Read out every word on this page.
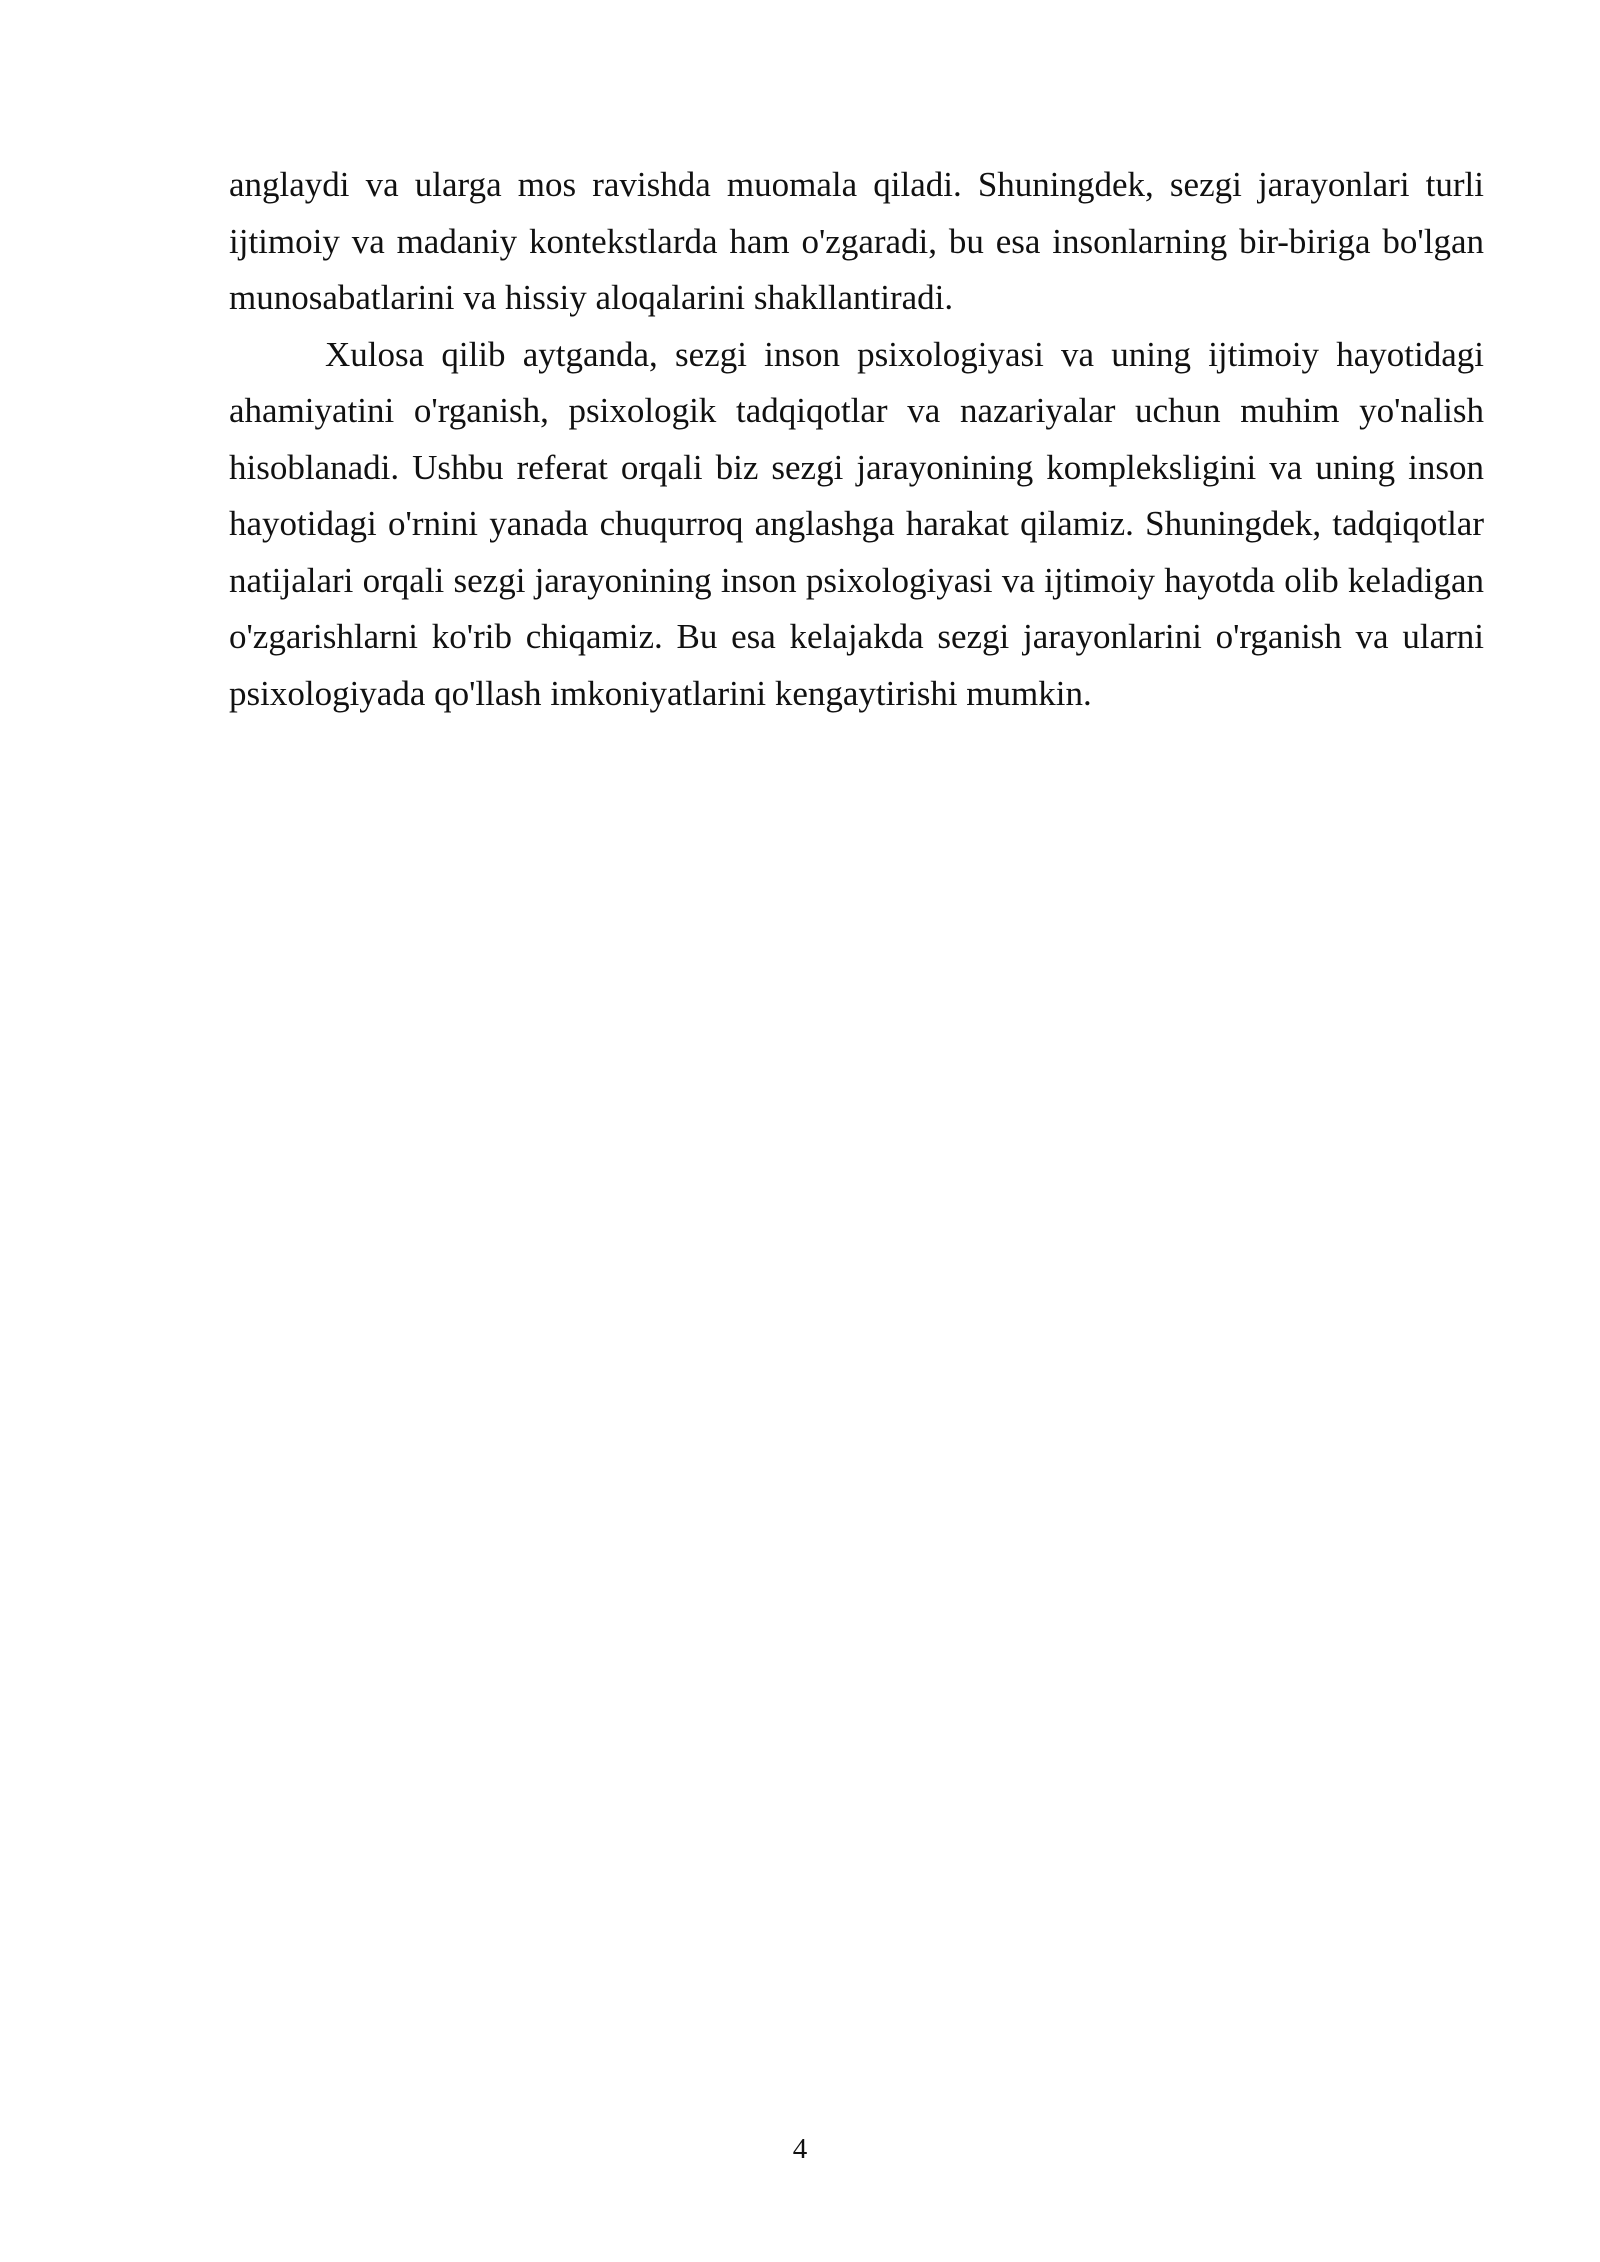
anglaydi va ularga mos ravishda muomala qiladi. Shuningdek, sezgi jarayonlari turli ijtimoiy va madaniy kontekstlarda ham o'zgaradi, bu esa insonlarning bir-biriga bo'lgan munosabatlarini va hissiy aloqalarini shakllantiradi.

Xulosa qilib aytganda, sezgi inson psixologiyasi va uning ijtimoiy hayotidagi ahamiyatini o'rganish, psixologik tadqiqotlar va nazariyalar uchun muhim yo'nalish hisoblanadi. Ushbu referat orqali biz sezgi jarayonining kompleksligini va uning inson hayotidagi o'rnini yanada chuqurroq anglashga harakat qilamiz. Shuningdek, tadqiqotlar natijalari orqali sezgi jarayonining inson psixologiyasi va ijtimoiy hayotda olib keladigan o'zgarishlarni ko'rib chiqamiz. Bu esa kelajakda sezgi jarayonlarini o'rganish va ularni psixologiyada qo'llash imkoniyatlarini kengaytirishi mumkin.

4
